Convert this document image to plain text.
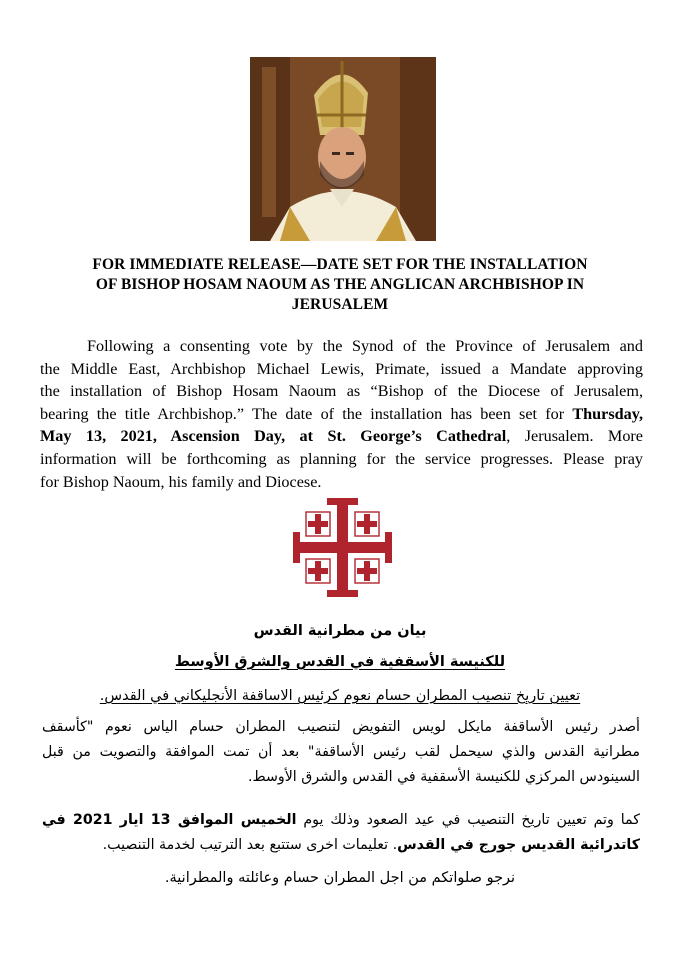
FOR IMMEDIATE RELEASE—DATE SET FOR THE INSTALLATION
OF BISHOP HOSAM NAOUM AS THE ANGLICAN ARCHBISHOP IN
JERUSALEM
Following a consenting vote by the Synod of the Province of Jerusalem and
the Middle East, Archbishop Michael Lewis, Primate, issued a Mandate approving
the installation of Bishop Hosam Naoum as “Bishop of the Diocese of Jerusalem,
bearing the title Archbishop.” The date of the installation has been set for Thursday,
May 13, 2021, Ascension Day, at St. George’s Cathedral, Jerusalem. More
information will be forthcoming as planning for the service progresses. Please pray
for Bishop Naoum, his family and Diocese.
بيان من مطرانية القدس
للكنيسة الأسقفية في القدس والشرق الأوسط
تعيين تاريخ تنصيب المطران حسام نعوم كرئيس الاساقفة الأنجليكاني في القدس.
أصدر رئيس الأساقفة مايكل لويس التفويض لتنصيب المطران حسام الياس نعوم "كأسقف
مطرانية القدس والذي سيحمل لقب رئيس الأساقفة" بعد أن تمت الموافقة والتصويت من قبل
السينودس المركزي للكنيسة الأسقفية في القدس والشرق الأوسط.
كما وتم تعيين تاريخ التنصيب في عيد الصعود وذلك يوم الخميس الموافق 13 ايار 2021 في
كاتدرائية القديس جورج في القدس. تعليمات اخرى ستتبع بعد الترتيب لخدمة التنصيب.
نرجو صلواتكم من اجل المطران حسام وعائلته والمطرانية.
